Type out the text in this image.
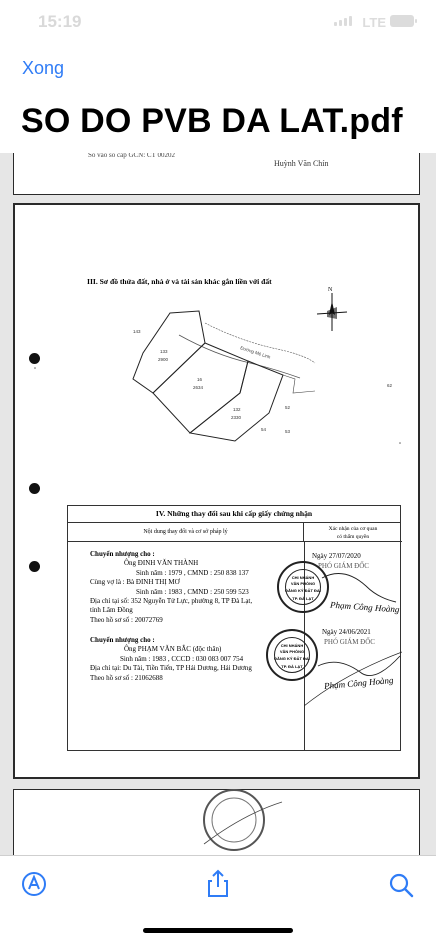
15:19	LTE
Xong
SO DO PVB DA LAT.pdf
Số vào sổ cấp GCN: CT 00202
Huỳnh Văn Chín
III. Sơ đồ thửa đất, nhà ở và tài sản khác gắn liền với đất
N
Đường Mê Linh
143
133
2900
16
2634
132
2330
52
54	53
62
IV. Những thay đổi sau khi cấp giấy chứng nhận
Nội dung thay đổi và cơ sở pháp lý	Xác nhận của cơ quan
có thẩm quyền
Chuyển nhượng cho :
Ông ĐINH VĂN THÀNH
Sinh năm : 1979 , CMND : 250 838 137
Cùng vợ là : Bà ĐINH THỊ MƠ
Sinh năm : 1983 , CMND : 250 599 523
Địa chỉ tại số: 352 Nguyễn Tử Lực, phường 8, TP Đà Lạt,
tỉnh Lâm Đồng
Theo hồ sơ số : 20072769
Chuyển nhượng cho :
Ông PHẠM VĂN BẮC (độc thân)
Sinh năm : 1983 , CCCD : 030 083 007 754
Địa chỉ tại: Du Tài, Tiền Tiến, TP Hải Dương, Hải Dương
Theo hồ sơ số : 21062688
Ngày 27/07/2020
PHÓ GIÁM ĐỐC
Phạm Công Hoàng
Ngày 24/06/2021
PHÓ GIÁM ĐỐC
Phạm Công Hoàng
CHI NHÁNH
VĂN PHÒNG
ĐĂNG KÝ ĐẤT ĐAI
TP. ĐÀ LẠT
CHI NHÁNH
VĂN PHÒNG
ĐĂNG KÝ ĐẤT ĐAI
TP. ĐÀ LẠT
